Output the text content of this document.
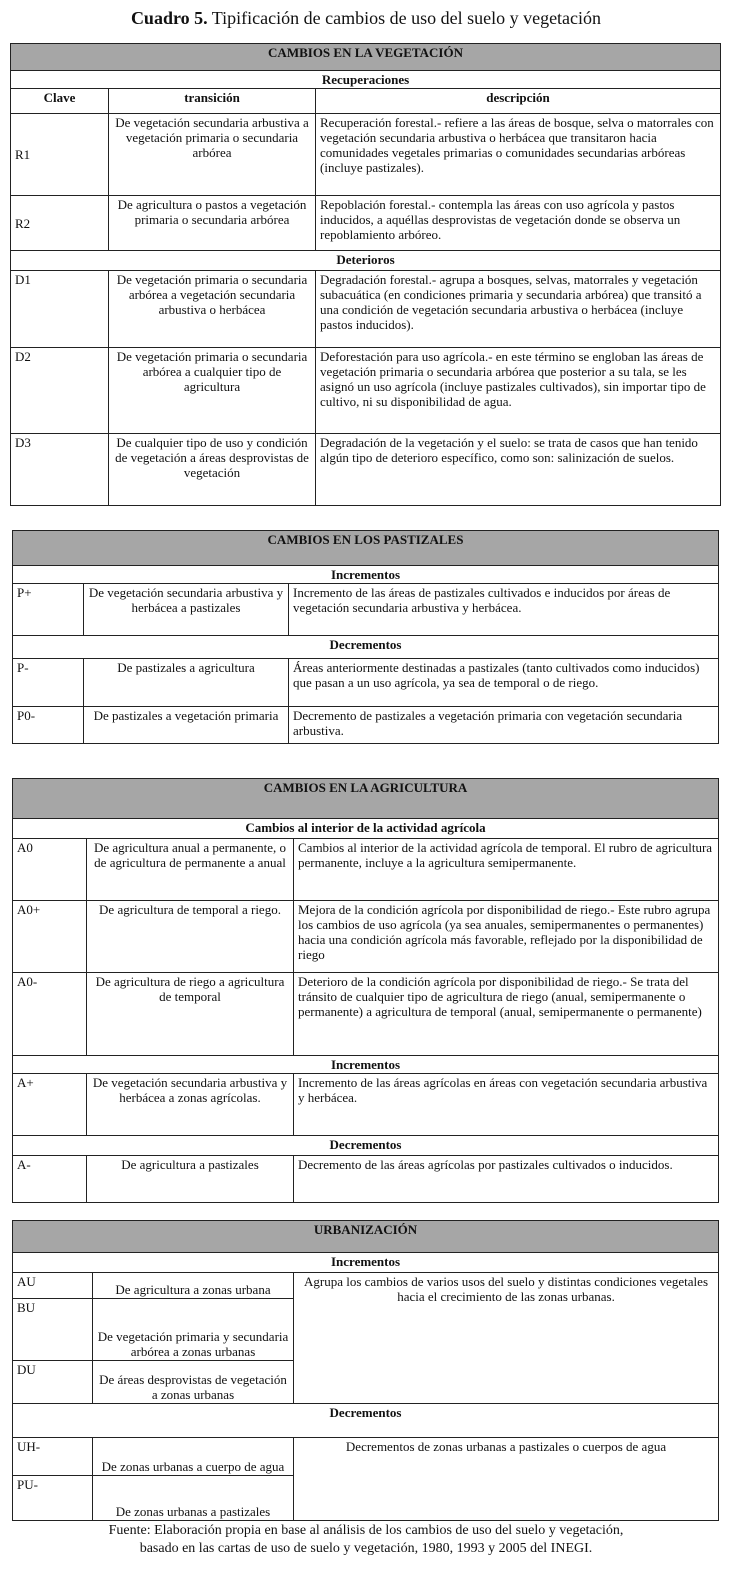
Cuadro 5. Tipificación de cambios de uso del suelo y vegetación
CAMBIOS EN LA VEGETACIÓN		
Recuperaciones		
Clave	transición	descripción
R1	De vegetación secundaria arbustiva a vegetación primaria o secundaria arbórea	Recuperación forestal.- refiere a las áreas de bosque, selva o matorrales con vegetación secundaria arbustiva o herbácea que transitaron hacia comunidades vegetales primarias o comunidades secundarias arbóreas (incluye pastizales).
R2	De agricultura o pastos a vegetación primaria o secundaria arbórea	Repoblación forestal.- contempla las áreas con uso agrícola y pastos inducidos, a aquéllas desprovistas de vegetación donde se observa un repoblamiento arbóreo.
Deterioros		
D1	De vegetación primaria o secundaria arbórea a vegetación secundaria arbustiva o herbácea	Degradación forestal.- agrupa a bosques, selvas, matorrales y vegetación subacuática (en condiciones primaria y secundaria arbórea) que transitó a una condición de vegetación secundaria arbustiva o herbácea (incluye pastos inducidos).
D2	De vegetación primaria o secundaria arbórea a cualquier tipo de agricultura	Deforestación para uso agrícola.- en este término se engloban las áreas de vegetación primaria o secundaria arbórea que posterior a su tala, se les asignó un uso agrícola (incluye pastizales cultivados), sin importar tipo de cultivo, ni su disponibilidad de agua.
D3	De cualquier tipo de uso y condición de vegetación a áreas desprovistas de vegetación	Degradación de la vegetación y el suelo: se trata de casos que han tenido algún tipo de deterioro específico, como son: salinización de suelos.
CAMBIOS EN LOS PASTIZALES		
Incrementos		
P+	De vegetación secundaria arbustiva y herbácea a pastizales	Incremento de las áreas de pastizales cultivados e inducidos por áreas de vegetación secundaria arbustiva y herbácea.
Decrementos		
P-	De pastizales a agricultura	Áreas anteriormente destinadas a pastizales (tanto cultivados como inducidos) que pasan a un uso agrícola, ya sea de temporal o de riego.
P0-	De pastizales a vegetación primaria	Decremento de pastizales a vegetación primaria con vegetación secundaria arbustiva.
CAMBIOS EN LA AGRICULTURA		
Cambios al interior de la actividad agrícola		
A0	De agricultura anual a permanente, o de agricultura de permanente a anual	Cambios al interior de la actividad agrícola de temporal. El rubro de agricultura permanente, incluye a la agricultura semipermanente.
A0+	De agricultura de temporal a riego.	Mejora de la condición agrícola por disponibilidad de riego.- Este rubro agrupa los cambios de uso agrícola (ya sea anuales, semipermanentes o permanentes) hacia una condición agrícola más favorable, reflejado por la disponibilidad de riego
A0-	De agricultura de riego a agricultura de temporal	Deterioro de la condición agrícola por disponibilidad de riego.- Se trata del tránsito de cualquier tipo de agricultura de riego (anual, semipermanente o permanente) a agricultura de temporal (anual, semipermanente o permanente)
Incrementos		
A+	De vegetación secundaria arbustiva y herbácea a zonas agrícolas.	Incremento de las áreas agrícolas en áreas con vegetación secundaria arbustiva y herbácea.
Decrementos		
A-	De agricultura a pastizales	Decremento de las áreas agrícolas por pastizales cultivados o inducidos.
URBANIZACIÓN		
Incrementos		
AU	De agricultura a zonas urbana	Agrupa los cambios de varios usos del suelo y distintas condiciones vegetales hacia el crecimiento de las zonas urbanas.
BU	De vegetación primaria y secundaria arbórea a zonas urbanas	
DU	De áreas desprovistas de vegetación a zonas urbanas	
Decrementos		
UH-	De zonas urbanas a cuerpo de agua	Decrementos de zonas urbanas a pastizales o cuerpos de agua
PU-	De zonas urbanas a pastizales	
Fuente: Elaboración propia en base al análisis de los cambios de uso del suelo y vegetación,
basado en las cartas de uso de suelo y vegetación, 1980, 1993 y 2005 del INEGI.
